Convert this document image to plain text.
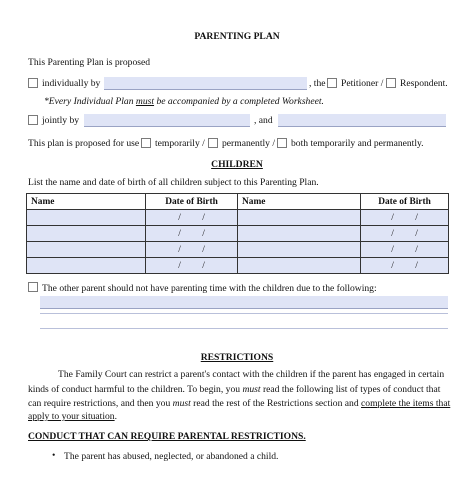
PARENTING PLAN
This Parenting Plan is proposed
individually by	, the Petitioner / Respondent.
*Every Individual Plan must be accompanied by a completed Worksheet.
jointly by	, and
This plan is proposed for use temporarily / permanently / both temporarily and permanently.
CHILDREN
List the name and date of birth of all children subject to this Parenting Plan.
Name	Date of Birth	Name	Date of Birth
	/ /		/ /
	/ /		/ /
	/ /		/ /
	/ /		/ /
The other parent should not have parenting time with the children due to the following:
RESTRICTIONS
The Family Court can restrict a parent's contact with the children if the parent has engaged in certain
kinds of conduct harmful to the children. To begin, you must read the following list of types of conduct that
can require restrictions, and then you must read the rest of the Restrictions section and complete the items that
apply to your situation.
CONDUCT THAT CAN REQUIRE PARENTAL RESTRICTIONS.
• The parent has abused, neglected, or abandoned a child.
